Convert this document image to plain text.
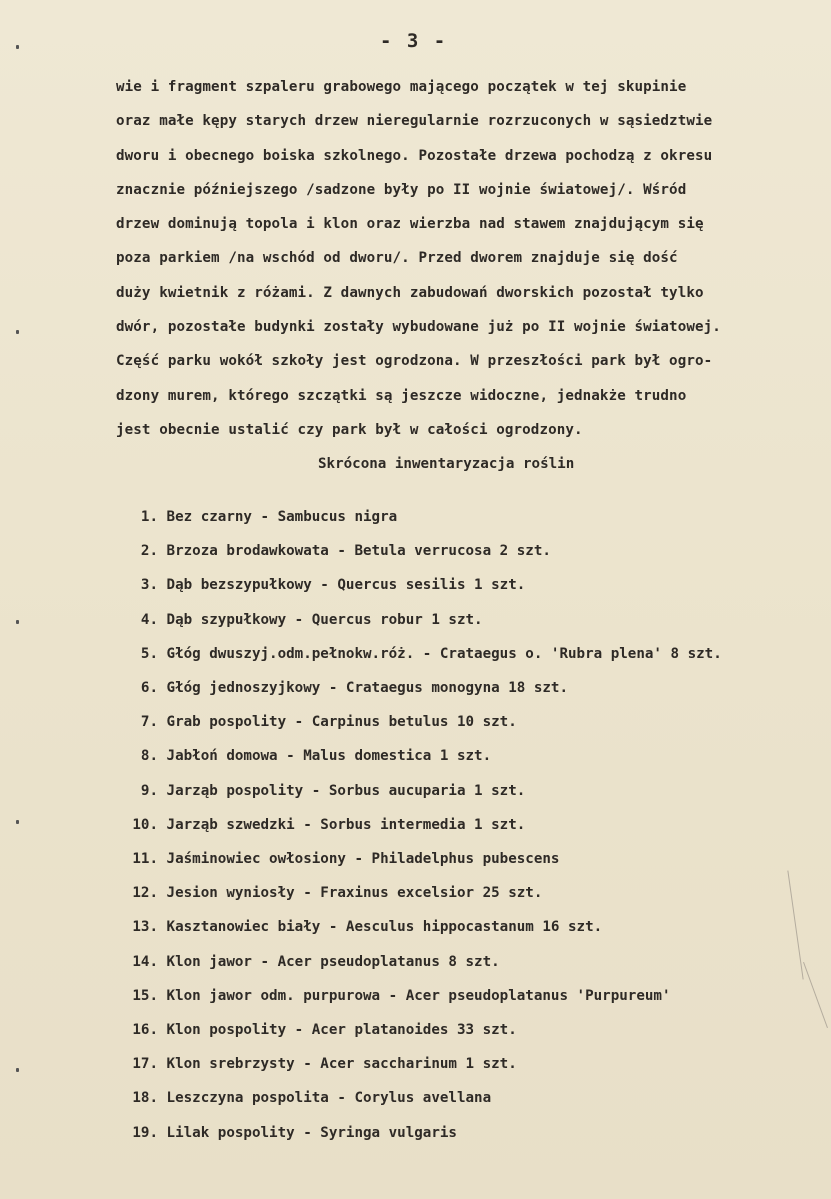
- 3 -
wie i fragment szpaleru grabowego mającego początek w tej skupinie
oraz małe kępy starych drzew nieregularnie rozrzuconych w sąsiedztwie
dworu i obecnego boiska szkolnego. Pozostałe drzewa pochodzą z okresu
znacznie późniejszego /sadzone były po II wojnie światowej/. Wśród
drzew dominują topola i klon oraz wierzba nad stawem znajdującym się
poza parkiem /na wschód od dworu/. Przed dworem znajduje się dość
duży kwietnik z różami. Z dawnych zabudowań dworskich pozostał tylko
dwór, pozostałe budynki zostały wybudowane już po II wojnie światowej.
Część parku wokół szkoły jest ogrodzona. W przeszłości park był ogro-
dzony murem, którego szczątki są jeszcze widoczne, jednakże trudno
jest obecnie ustalić czy park był w całości ogrodzony.
Skrócona inwentaryzacja roślin
1.
Bez czarny - Sambucus nigra
2.
Brzoza brodawkowata - Betula verrucosa 2 szt.
3.
Dąb bezszypułkowy - Quercus sesilis 1 szt.
4.
Dąb szypułkowy - Quercus robur 1 szt.
5.
Głóg dwuszyj.odm.pełnokw.róż. - Crataegus o. 'Rubra plena' 8 szt.
6.
Głóg jednoszyjkowy - Crataegus monogyna 18 szt.
7.
Grab pospolity - Carpinus betulus 10 szt.
8.
Jabłoń domowa - Malus domestica 1 szt.
9.
Jarząb pospolity - Sorbus aucuparia 1 szt.
10.
Jarząb szwedzki - Sorbus intermedia 1 szt.
11.
Jaśminowiec owłosiony - Philadelphus pubescens
12.
Jesion wyniosły - Fraxinus excelsior 25 szt.
13.
Kasztanowiec biały - Aesculus hippocastanum 16 szt.
14.
Klon jawor - Acer pseudoplatanus 8 szt.
15.
Klon jawor odm. purpurowa - Acer pseudoplatanus 'Purpureum'
16.
Klon pospolity - Acer platanoides 33 szt.
17.
Klon srebrzysty - Acer saccharinum 1 szt.
18.
Leszczyna pospolita - Corylus avellana
19.
Lilak pospolity - Syringa vulgaris
